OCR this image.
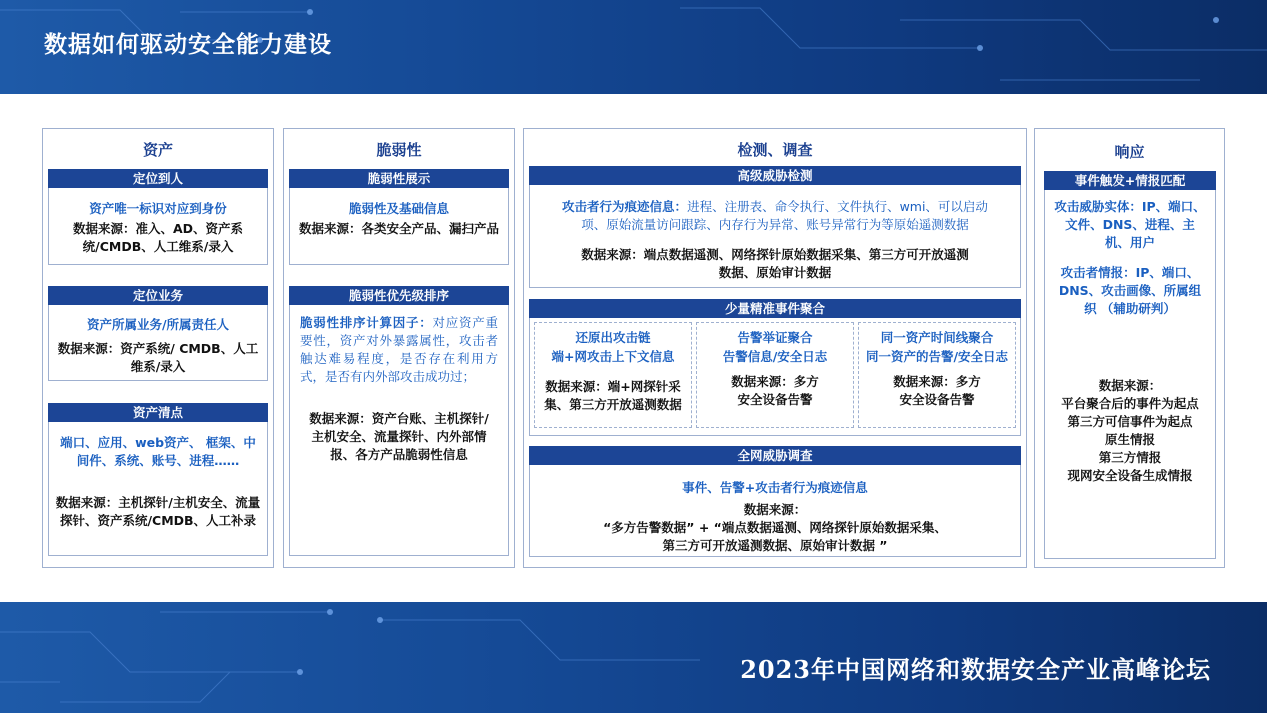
数据如何驱动安全能力建设
资产
定位到人
资产唯一标识对应到身份
数据来源：准入、AD、资产系统/CMDB、人工维系/录入
定位业务
资产所属业务/所属责任人
数据来源：资产系统/ CMDB、人工维系/录入
资产清点
端口、应用、web资产、 框架、中间件、系统、账号、进程……
数据来源：主机探针/主机安全、流量探针、资产系统/CMDB、人工补录
脆弱性
脆弱性展示
脆弱性及基础信息
数据来源：各类安全产品、漏扫产品
脆弱性优先级排序
脆弱性排序计算因子：对应资产重要性，资产对外暴露属性，攻击者触达难易程度，是否存在利用方式，是否有内外部攻击成功过；
数据来源：资产台账、主机探针/主机安全、流量探针、内外部情报、各方产品脆弱性信息
检测、调查
高级威胁检测
攻击者行为痕迹信息：进程、注册表、命令执行、文件执行、wmi、可以启动项、原始流量访问跟踪、内存行为异常、账号异常行为等原始遥测数据
数据来源：端点数据遥测、网络探针原始数据采集、第三方可开放遥测数据、原始审计数据
少量精准事件聚合
还原出攻击链
端+网攻击上下文信息
数据来源：端+网探针采集、第三方开放遥测数据
告警举证聚合
告警信息/安全日志
数据来源：多方安全设备告警
同一资产时间线聚合
同一资产的告警/安全日志
数据来源：多方安全设备告警
全网威胁调查
事件、告警+攻击者行为痕迹信息
数据来源：
“多方告警数据” + “端点数据遥测、网络探针原始数据采集、
第三方可开放遥测数据、原始审计数据 ”
响应
事件触发+情报匹配
攻击威胁实体：IP、端口、文件、DNS、进程、主机、用户
攻击者情报：IP、端口、DNS、攻击画像、所属组织 （辅助研判）
数据来源：
平台聚合后的事件为起点
第三方可信事件为起点
原生情报
第三方情报
现网安全设备生成情报
2023年中国网络和数据安全产业高峰论坛
